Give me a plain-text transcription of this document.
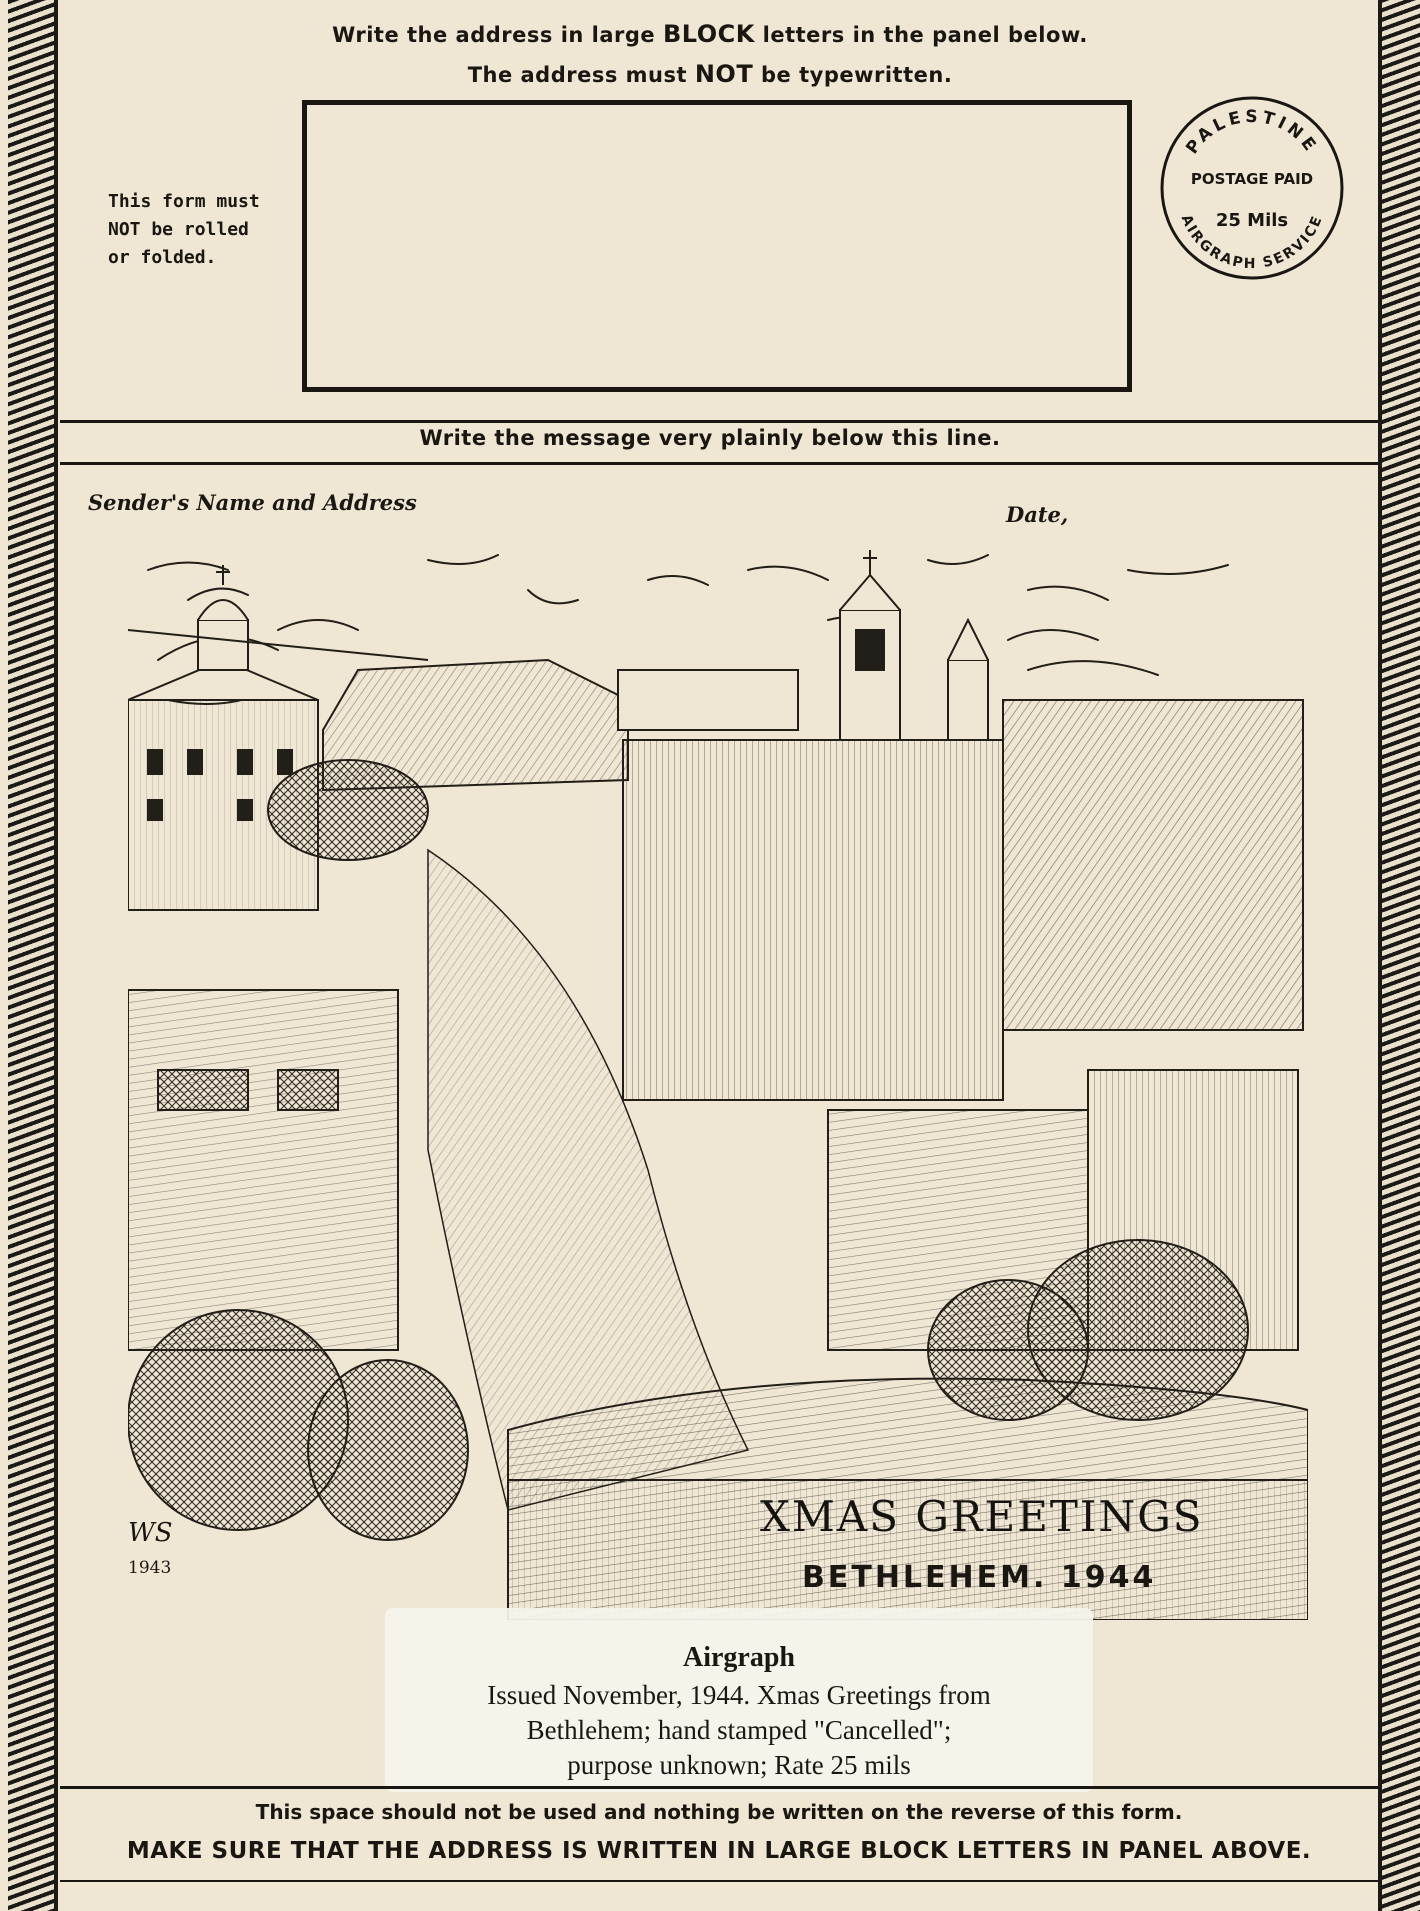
Write the address in large BLOCK letters in the panel below.
The address must NOT be typewritten.
This form must
NOT be rolled
or folded.
PALESTINE
AIRGRAPH SERVICE
POSTAGE PAID
25 Mils
Write the message very plainly below this line.
Sender's Name and Address	Date,
WS
1943
XMAS GREETINGS
BETHLEHEM. 1944
Airgraph
Issued November, 1944. Xmas Greetings from
Bethlehem; hand stamped "Cancelled";
purpose unknown; Rate 25 mils
This space should not be used and nothing be written on the reverse of this form.
MAKE SURE THAT THE ADDRESS IS WRITTEN IN LARGE BLOCK LETTERS IN PANEL ABOVE.
